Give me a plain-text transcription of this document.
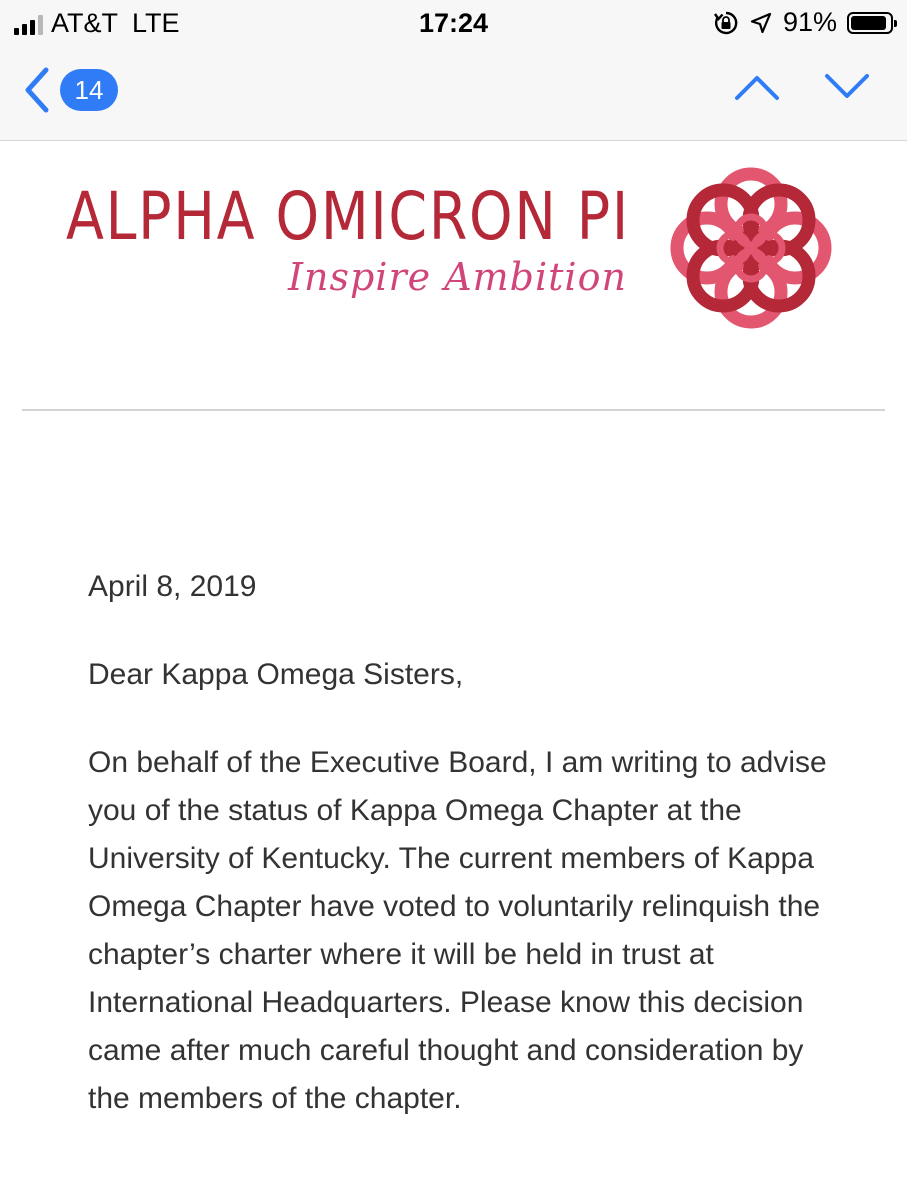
AT&T LTE	17:24	91%
14
ALPHA OMICRON PI
Inspire Ambition

April 8, 2019

Dear Kappa Omega Sisters,

On behalf of the Executive Board, I am writing to advise you of the status of Kappa Omega Chapter at the University of Kentucky. The current members of Kappa Omega Chapter have voted to voluntarily relinquish the chapter’s charter where it will be held in trust at International Headquarters. Please know this decision came after much careful thought and consideration by the members of the chapter.
